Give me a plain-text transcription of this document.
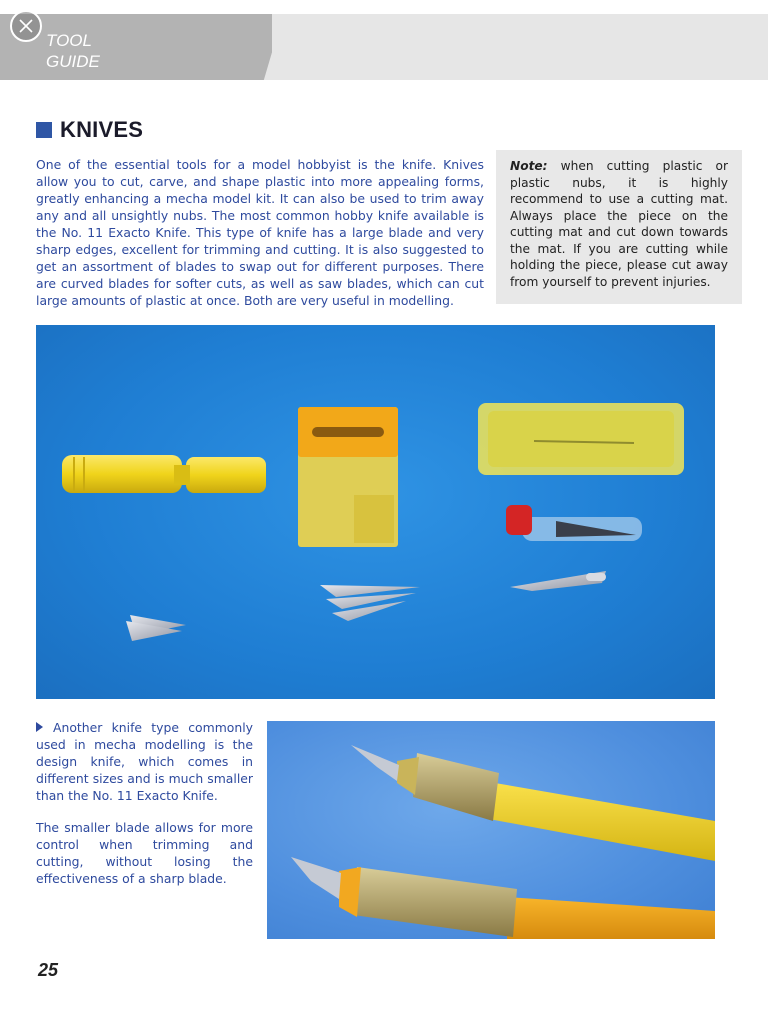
TOOL
GUIDE
KNIVES
One of the essential tools for a model hobbyist is the knife. Knives allow you to cut, carve, and shape plastic into more appealing forms, greatly enhancing a mecha model kit. It can also be used to trim away any and all unsightly nubs. The most common hobby knife available is the No. 11 Exacto Knife. This type of knife has a large blade and very sharp edges, excellent for trimming and cutting. It is also suggested to get an assortment of blades to swap out for different purposes. There are curved blades for softer cuts, as well as saw blades, which can cut large amounts of plastic at once. Both are very useful in modelling.
Note: when cutting plastic or plastic nubs, it is highly recommend to use a cutting mat. Always place the piece on the cutting mat and cut down towards the mat. If you are cutting while holding the piece, please cut away from yourself to prevent injuries.

Another knife type commonly used in mecha modelling is the design knife, which comes in different sizes and is much smaller than the No. 11 Exacto Knife.

The smaller blade allows for more control when trimming and cutting, without losing the effectiveness of a sharp blade.

25
